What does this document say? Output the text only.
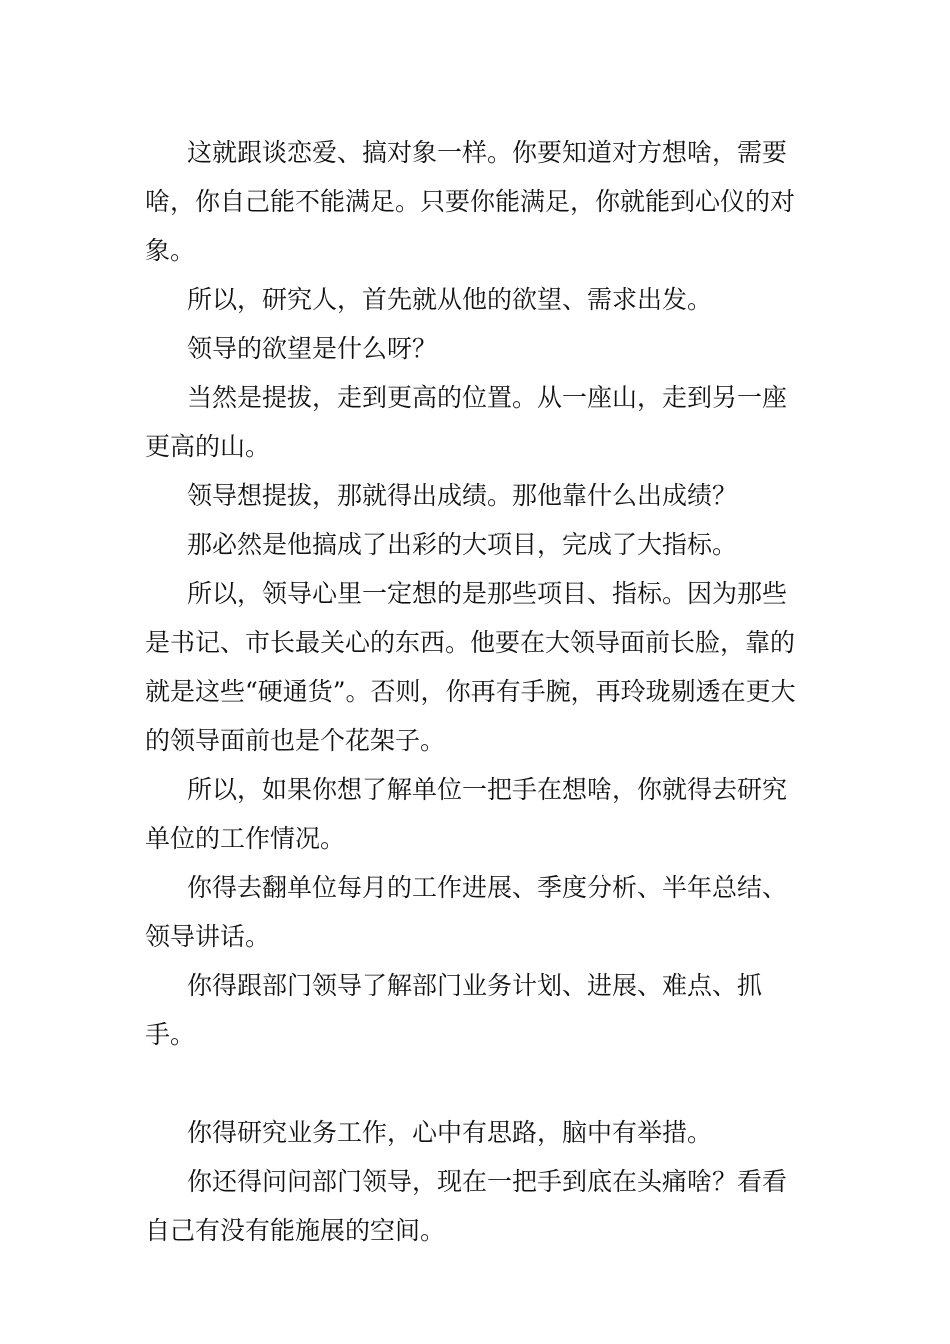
这就跟谈恋爱、搞对象一样。你要知道对方想啥，需要啥，你自己能不能满足。只要你能满足，你就能到心仪的对象。

所以，研究人，首先就从他的欲望、需求出发。

领导的欲望是什么呀？

当然是提拔，走到更高的位置。从一座山，走到另一座更高的山。

领导想提拔，那就得出成绩。那他靠什么出成绩？

那必然是他搞成了出彩的大项目，完成了大指标。

所以，领导心里一定想的是那些项目、指标。因为那些是书记、市长最关心的东西。他要在大领导面前长脸，靠的就是这些“硬通货”。否则，你再有手腕，再玲珑剔透在更大的领导面前也是个花架子。

所以，如果你想了解单位一把手在想啥，你就得去研究单位的工作情况。

你得去翻单位每月的工作进展、季度分析、半年总结、领导讲话。

你得跟部门领导了解部门业务计划、进展、难点、抓手。

你得研究业务工作，心中有思路，脑中有举措。

你还得问问部门领导，现在一把手到底在头痛啥？看看自己有没有能施展的空间。
